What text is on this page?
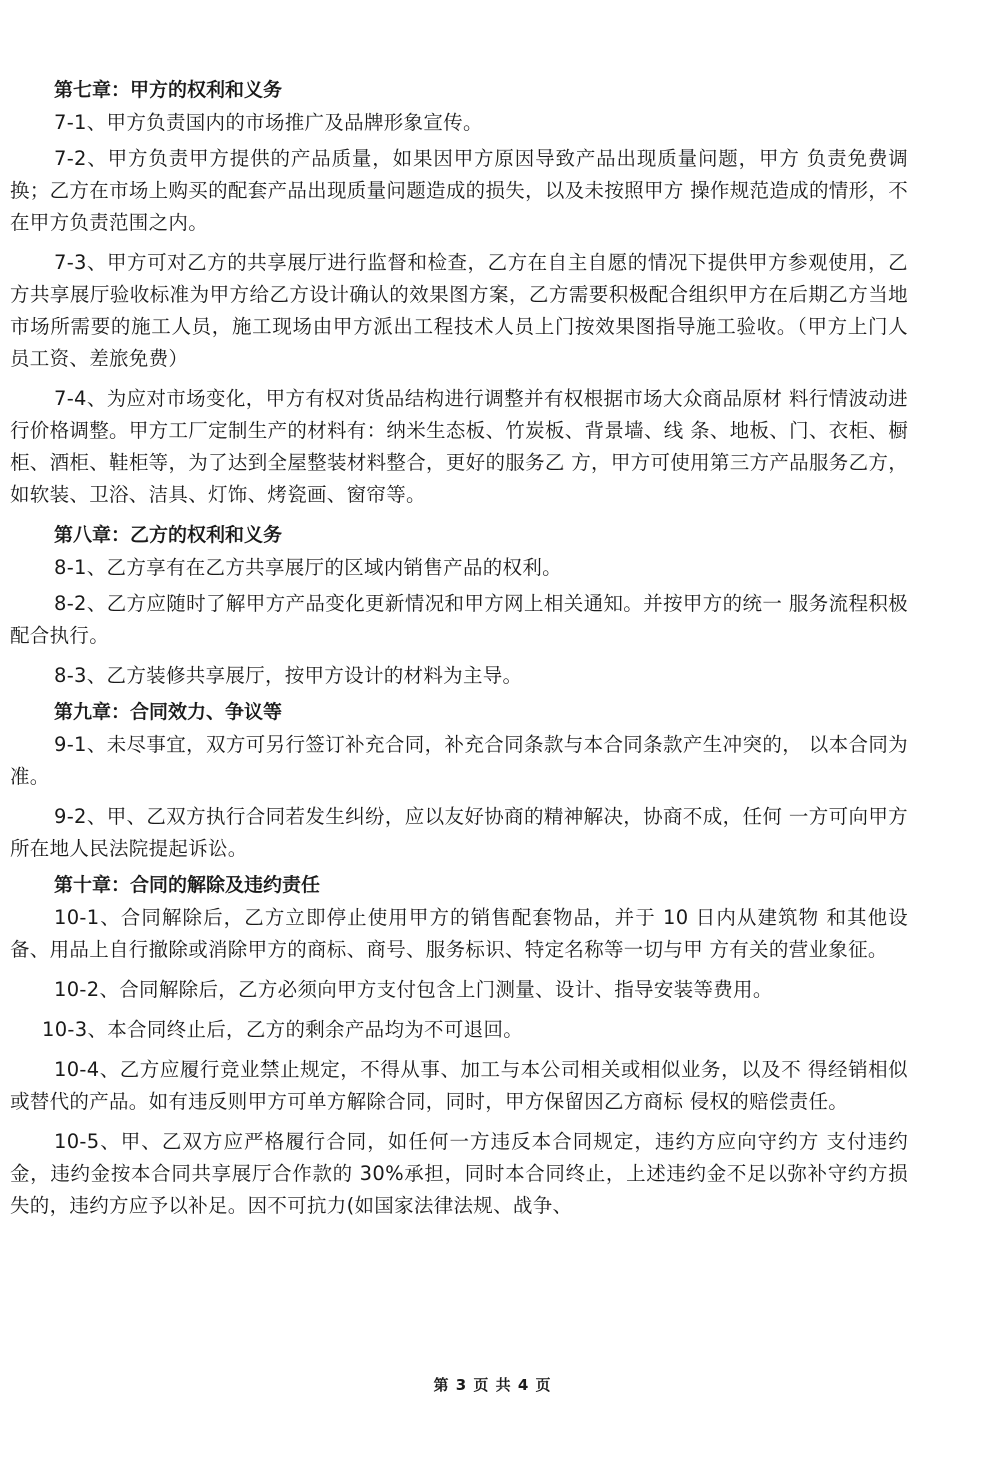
第七章：甲方的权利和义务

7-1、甲方负责国内的市场推广及品牌形象宣传。

7-2、甲方负责甲方提供的产品质量，如果因甲方原因导致产品出现质量问题，甲方 负责免费调换；乙方在市场上购买的配套产品出现质量问题造成的损失，以及未按照甲方 操作规范造成的情形，不在甲方负责范围之内。

7-3、甲方可对乙方的共享展厅进行监督和检查，乙方在自主自愿的情况下提供甲方参观使用，乙方共享展厅验收标准为甲方给乙方设计确认的效果图方案，乙方需要积极配合组织甲方在后期乙方当地市场所需要的施工人员，施工现场由甲方派出工程技术人员上门按效果图指导施工验收。（甲方上门人员工资、差旅免费）

7-4、为应对市场变化，甲方有权对货品结构进行调整并有权根据市场大众商品原材 料行情波动进行价格调整。甲方工厂定制生产的材料有：纳米生态板、竹炭板、背景墙、线 条、地板、门、衣柜、橱柜、酒柜、鞋柜等，为了达到全屋整装材料整合，更好的服务乙 方，甲方可使用第三方产品服务乙方，如软装、卫浴、洁具、灯饰、烤瓷画、窗帘等。

第八章：乙方的权利和义务

8-1、乙方享有在乙方共享展厅的区域内销售产品的权利。

8-2、乙方应随时了解甲方产品变化更新情况和甲方网上相关通知。并按甲方的统一 服务流程积极配合执行。

8-3、乙方装修共享展厅，按甲方设计的材料为主导。

第九章：合同效力、争议等

9-1、未尽事宜，双方可另行签订补充合同，补充合同条款与本合同条款产生冲突的， 以本合同为准。

9-2、甲、乙双方执行合同若发生纠纷，应以友好协商的精神解决，协商不成，任何 一方可向甲方所在地人民法院提起诉讼。

第十章：合同的解除及违约责任

10-1、合同解除后，乙方立即停止使用甲方的销售配套物品，并于 10 日内从建筑物 和其他设备、用品上自行撤除或消除甲方的商标、商号、服务标识、特定名称等一切与甲 方有关的营业象征。

10-2、合同解除后，乙方必须向甲方支付包含上门测量、设计、指导安装等费用。

10-3、本合同终止后，乙方的剩余产品均为不可退回。

10-4、乙方应履行竞业禁止规定，不得从事、加工与本公司相关或相似业务，以及不 得经销相似或替代的产品。如有违反则甲方可单方解除合同，同时，甲方保留因乙方商标 侵权的赔偿责任。

10-5、甲、乙双方应严格履行合同，如任何一方违反本合同规定，违约方应向守约方 支付违约金，违约金按本合同共享展厅合作款的 30%承担，同时本合同终止，上述违约金不足以弥补守约方损失的，违约方应予以补足。因不可抗力(如国家法律法规、战争、

第 3 页 共 4 页
